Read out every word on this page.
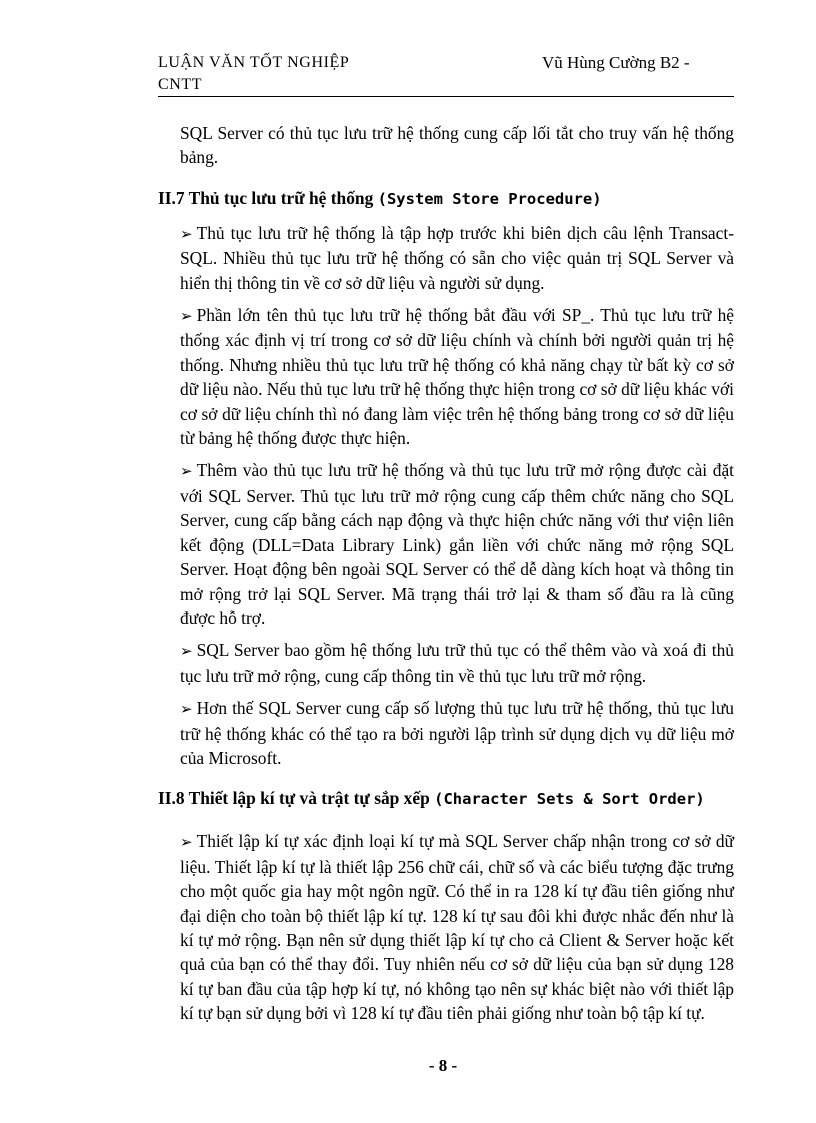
LUẬN VĂN TỐT NGHIỆP	Vũ Hùng Cường B2 -
CNTT

SQL Server có thủ tục lưu trữ hệ thống cung cấp lối tắt cho truy vấn hệ thống bảng.

II.7 Thủ tục lưu trữ hệ thống (System Store Procedure)

➢ Thủ tục lưu trữ hệ thống là tập hợp trước khi biên dịch câu lệnh Transact-SQL. Nhiều thủ tục lưu trữ hệ thống có sẵn cho việc quản trị SQL Server và hiển thị thông tin về cơ sở dữ liệu và người sử dụng.

➢ Phần lớn tên thủ tục lưu trữ hệ thống bắt đầu với SP_. Thủ tục lưu trữ hệ thống xác định vị trí trong cơ sở dữ liệu chính và chính bởi người quản trị hệ thống. Nhưng nhiều thủ tục lưu trữ hệ thống có khả năng chạy từ bất kỳ cơ sở dữ liệu nào. Nếu thủ tục lưu trữ hệ thống thực hiện trong cơ sở dữ liệu khác với cơ sở dữ liệu chính thì nó đang làm việc trên hệ thống bảng trong cơ sở dữ liệu từ bảng hệ thống được thực hiện.

➢ Thêm vào thủ tục lưu trữ hệ thống và thủ tục lưu trữ mở rộng được cài đặt với SQL Server. Thủ tục lưu trữ mở rộng cung cấp thêm chức năng cho SQL Server, cung cấp bằng cách nạp động và thực hiện chức năng với thư viện liên kết động (DLL=Data Library Link) gắn liền với chức năng mở rộng SQL Server. Hoạt động bên ngoài SQL Server có thể dễ dàng kích hoạt và thông tin mở rộng trở lại SQL Server. Mã trạng thái trở lại & tham số đầu ra là cũng được hỗ trợ.

➢ SQL Server bao gồm hệ thống lưu trữ thủ tục có thể thêm vào và xoá đi thủ tục lưu trữ mở rộng, cung cấp thông tin về thủ tục lưu trữ mở rộng.

➢ Hơn thế SQL Server cung cấp số lượng thủ tục lưu trữ hệ thống, thủ tục lưu trữ hệ thống khác có thể tạo ra bởi người lập trình sử dụng dịch vụ dữ liệu mở của Microsoft.

II.8 Thiết lập kí tự và trật tự sắp xếp (Character Sets & Sort Order)

➢ Thiết lập kí tự xác định loại kí tự mà SQL Server chấp nhận trong cơ sở dữ liệu. Thiết lập kí tự là thiết lập 256 chữ cái, chữ số và các biểu tượng đặc trưng cho một quốc gia hay một ngôn ngữ. Có thể in ra 128 kí tự đầu tiên giống như đại diện cho toàn bộ thiết lập kí tự. 128 kí tự sau đôi khi được nhắc đến như là kí tự mở rộng. Bạn nên sử dụng thiết lập kí tự cho cả Client & Server hoặc kết quả của bạn có thể thay đổi. Tuy nhiên nếu cơ sở dữ liệu của bạn sử dụng 128 kí tự ban đầu của tập hợp kí tự, nó không tạo nên sự khác biệt nào với thiết lập kí tự bạn sử dụng bởi vì 128 kí tự đầu tiên phải giống như toàn bộ tập kí tự.

- 8 -
